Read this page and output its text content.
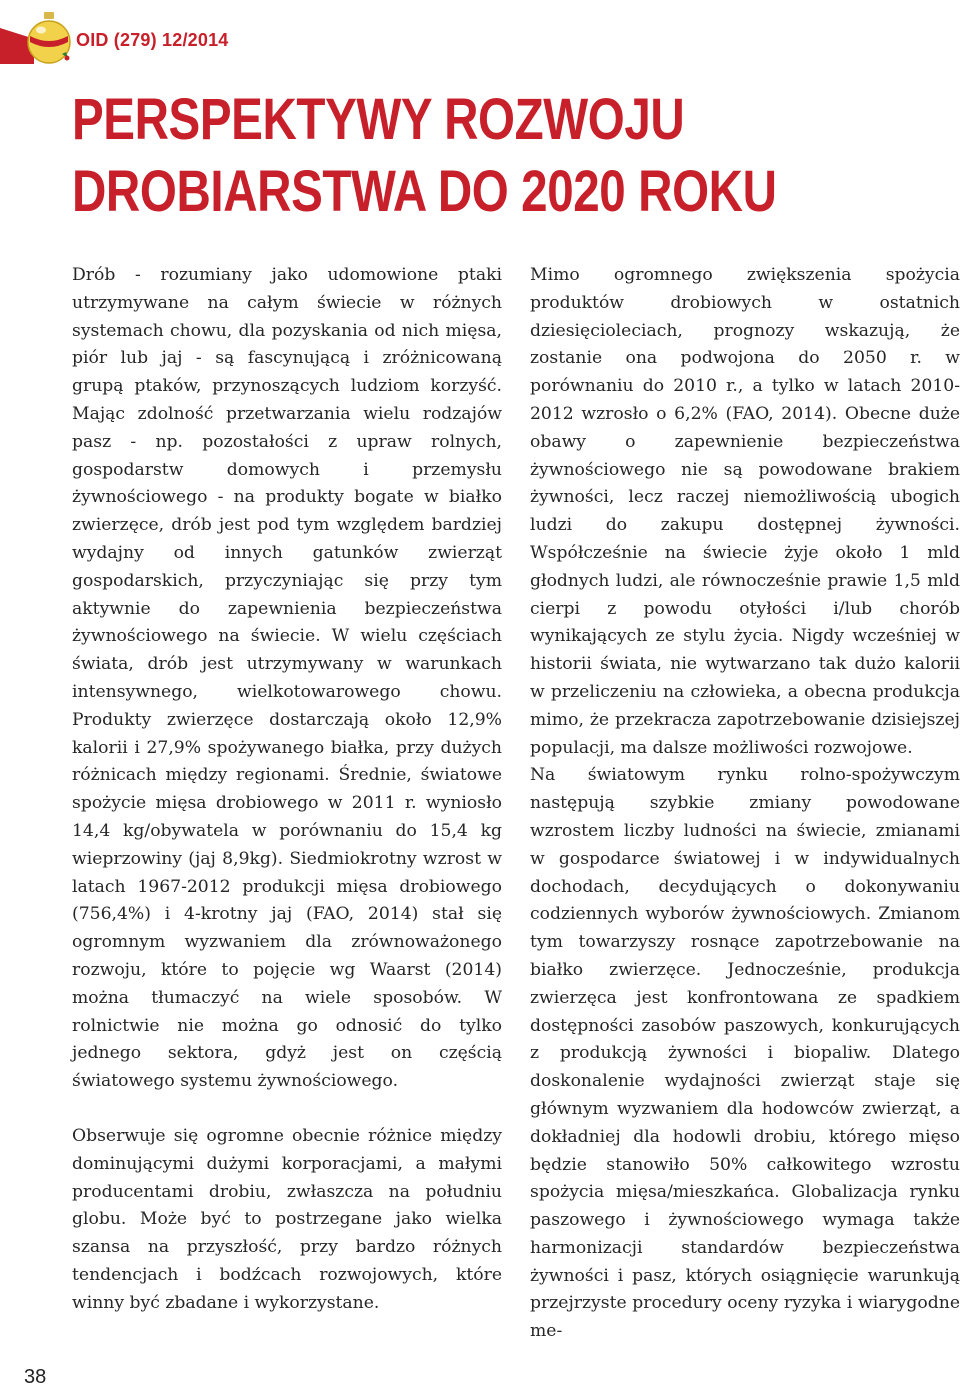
OID (279) 12/2014
PERSPEKTYWY ROZWOJU
DROBIARSTWA DO 2020 ROKU

Drób - rozumiany jako udomowione ptaki utrzymywane na całym świecie w różnych systemach chowu, dla pozyskania od nich mięsa, piór lub jaj - są fascynującą i zróżnicowaną grupą ptaków, przynoszących ludziom korzyść. Mając zdolność przetwarzania wielu rodzajów pasz - np. pozostałości z upraw rolnych, gospodarstw domowych i przemysłu żywnościowego - na produkty bogate w białko zwierzęce, drób jest pod tym względem bardziej wydajny od innych gatunków zwierząt gospodarskich, przyczyniając się przy tym aktywnie do zapewnienia bezpieczeństwa żywnościowego na świecie. W wielu częściach świata, drób jest utrzymywany w warunkach intensywnego, wielkotowarowego chowu. Produkty zwierzęce dostarczają około 12,9% kalorii i 27,9% spożywanego białka, przy dużych różnicach między regionami. Średnie, światowe spożycie mięsa drobiowego w 2011 r. wyniosło 14,4 kg/obywatela w porównaniu do 15,4 kg wieprzowiny (jaj 8,9kg). Siedmiokrotny wzrost w latach 1967-2012 produkcji mięsa drobiowego (756,4%) i 4-krotny jaj (FAO, 2014) stał się ogromnym wyzwaniem dla zrównoważonego rozwoju, które to pojęcie wg Waarst (2014) można tłumaczyć na wiele sposobów. W rolnictwie nie można go odnosić do tylko jednego sektora, gdyż jest on częścią światowego systemu żywnościowego.

Obserwuje się ogromne obecnie różnice między dominującymi dużymi korporacjami, a małymi producentami drobiu, zwłaszcza na południu globu. Może być to postrzegane jako wielka szansa na przyszłość, przy bardzo różnych tendencjach i bodźcach rozwojowych, które winny być zbadane i wykorzystane.

Mimo ogromnego zwiększenia spożycia produktów drobiowych w ostatnich dziesięcioleciach, prognozy wskazują, że zostanie ona podwojona do 2050 r. w porównaniu do 2010 r., a tylko w latach 2010-2012 wzrosło o 6,2% (FAO, 2014). Obecne duże obawy o zapewnienie bezpieczeństwa żywnościowego nie są powodowane brakiem żywności, lecz raczej niemożliwością ubogich ludzi do zakupu dostępnej żywności. Współcześnie na świecie żyje około 1 mld głodnych ludzi, ale równocześnie prawie 1,5 mld cierpi z powodu otyłości i/lub chorób wynikających ze stylu życia. Nigdy wcześniej w historii świata, nie wytwarzano tak dużo kalorii w przeliczeniu na człowieka, a obecna produkcja mimo, że przekracza zapotrzebowanie dzisiejszej populacji, ma dalsze możliwości rozwojowe.

Na światowym rynku rolno-spożywczym następują szybkie zmiany powodowane wzrostem liczby ludności na świecie, zmianami w gospodarce światowej i w indywidualnych dochodach, decydujących o dokonywaniu codziennych wyborów żywnościowych. Zmianom tym towarzyszy rosnące zapotrzebowanie na białko zwierzęce. Jednocześnie, produkcja zwierzęca jest konfrontowana ze spadkiem dostępności zasobów paszowych, konkurujących z produkcją żywności i biopaliw. Dlatego doskonalenie wydajności zwierząt staje się głównym wyzwaniem dla hodowców zwierząt, a dokładniej dla hodowli drobiu, którego mięso będzie stanowiło 50% całkowitego wzrostu spożycia mięsa/mieszkańca. Globalizacja rynku paszowego i żywnościowego wymaga także harmonizacji standardów bezpieczeństwa żywności i pasz, których osiągnięcie warunkują przejrzyste procedury oceny ryzyka i wiarygodne me-

38
